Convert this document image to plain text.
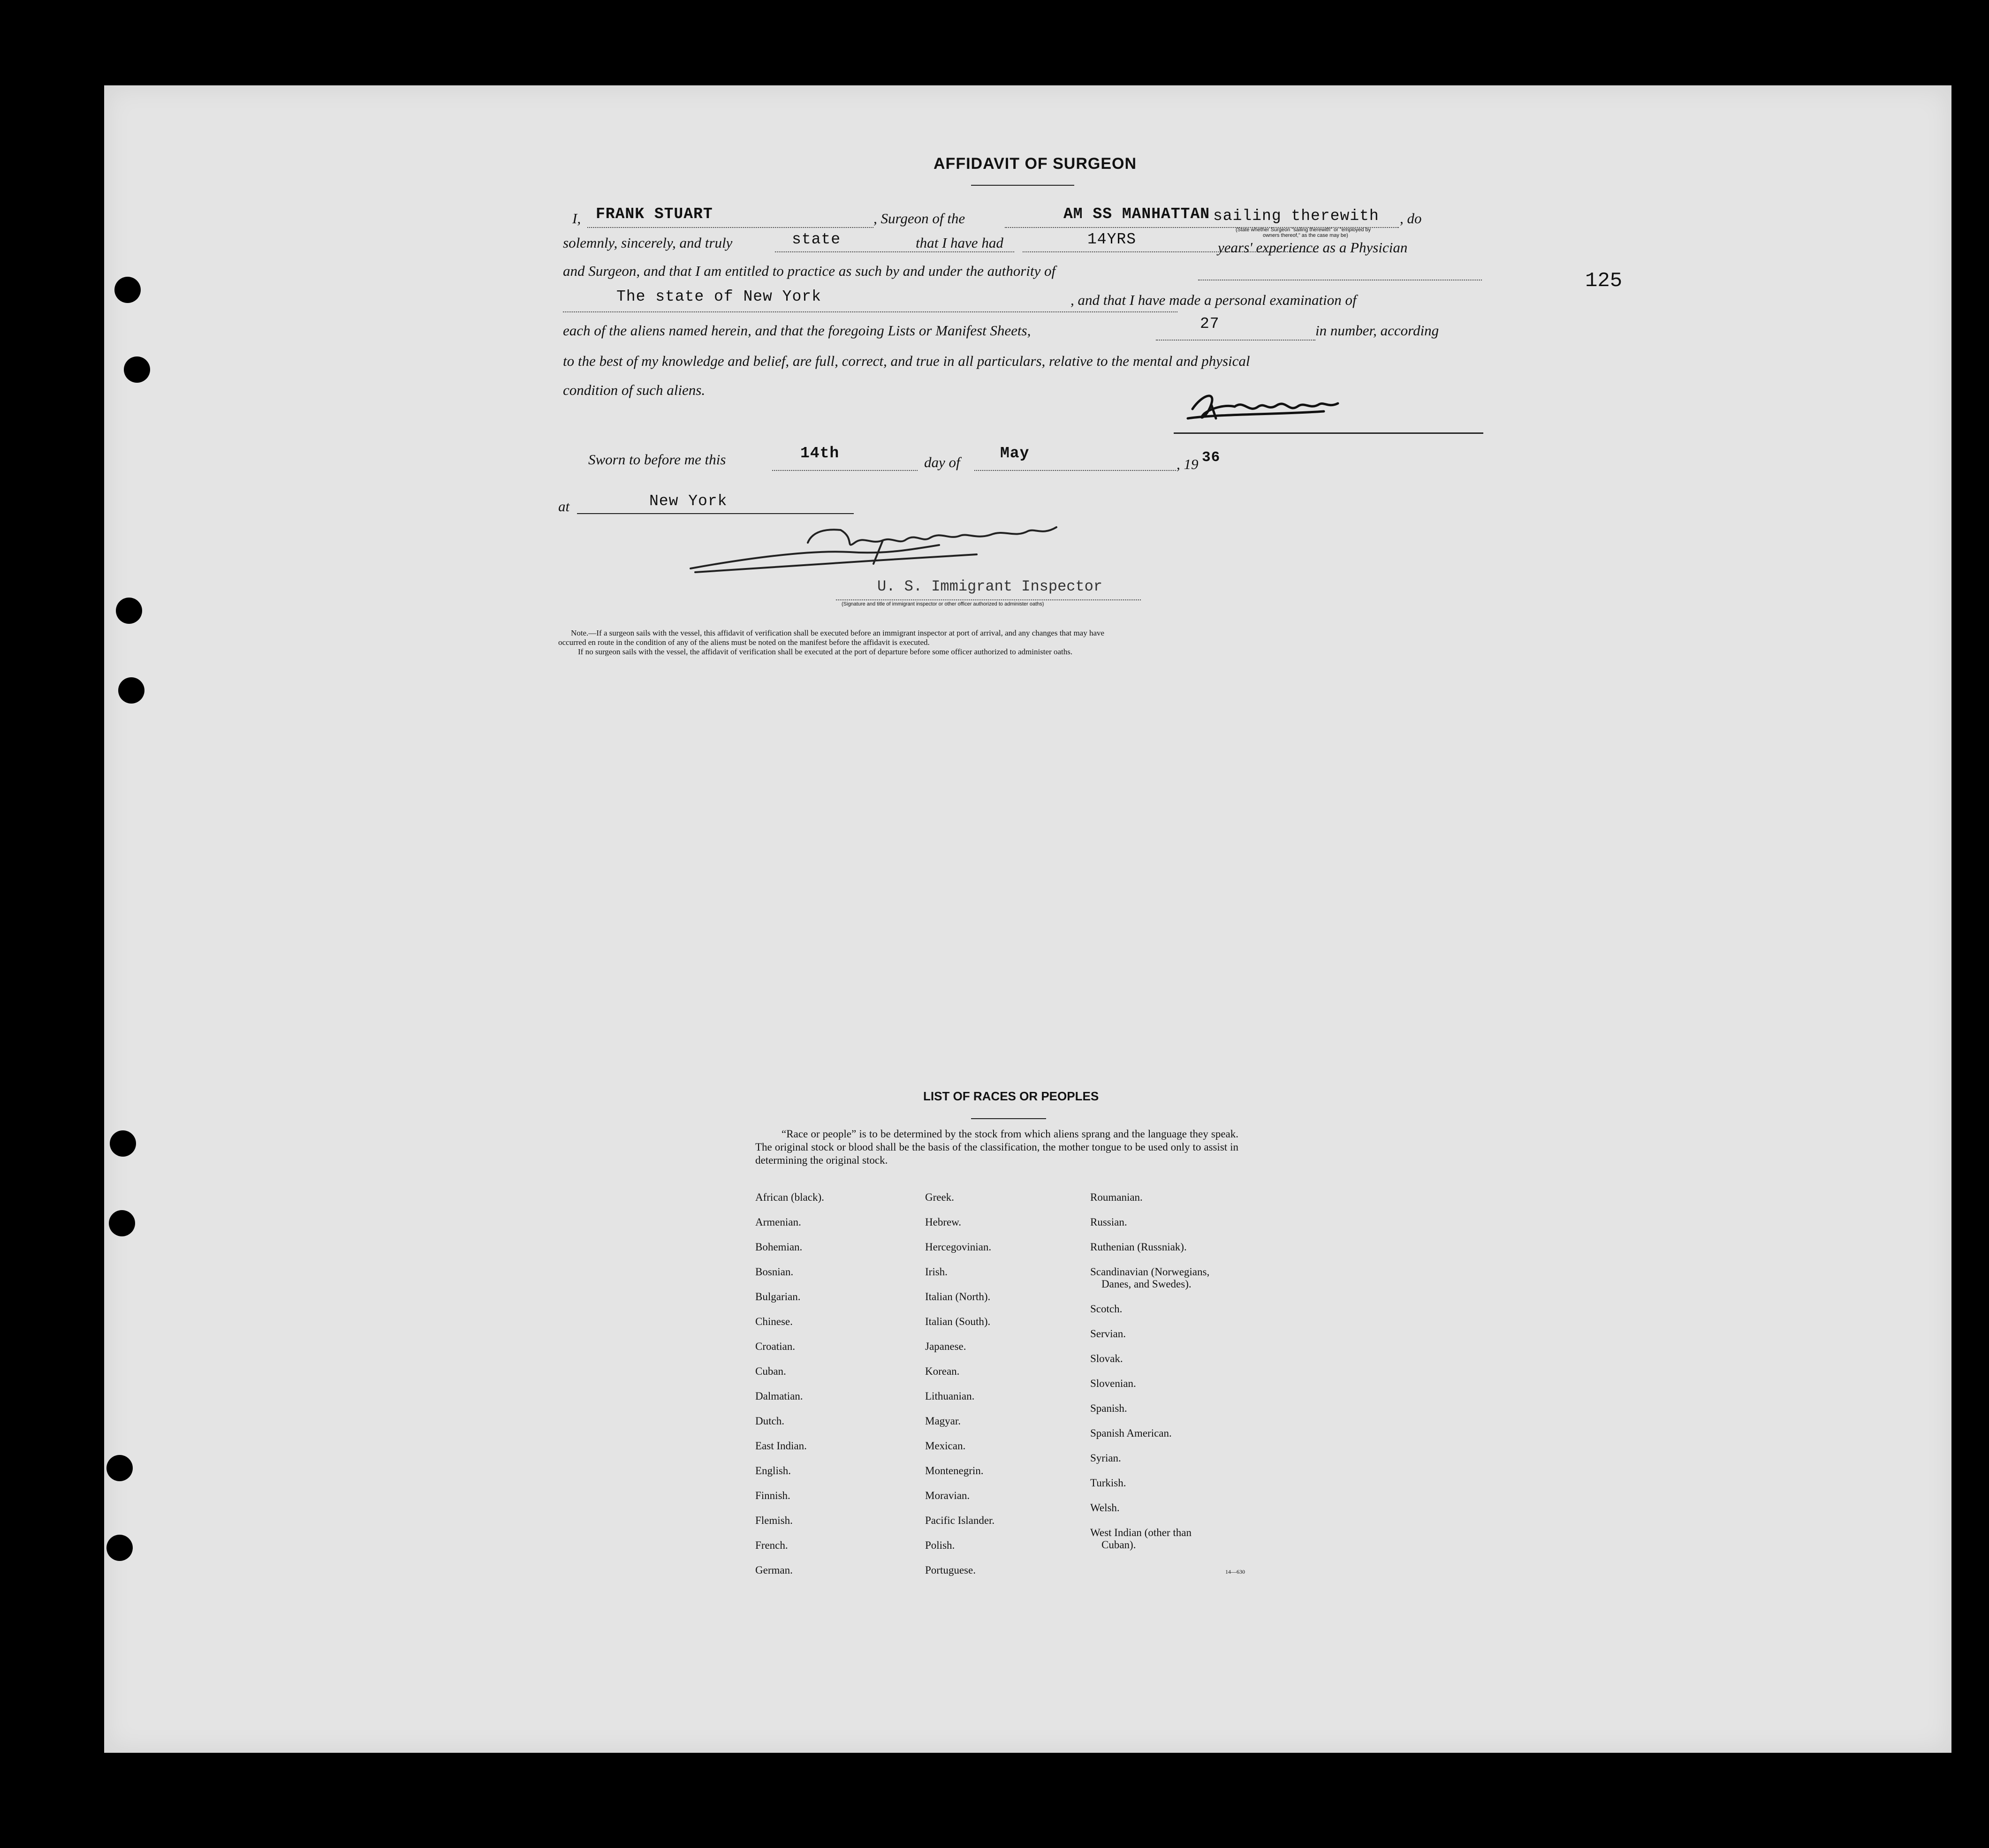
125
AFFIDAVIT OF SURGEON
I, FRANK STUART	, Surgeon of the	AM SS MANHATTAN sailing therewith , do
(State whether Surgeon "sailing therewith" or "employed by
owners thereof," as the case may be)
solemnly, sincerely, and truly	state	that I have had	14YRS	years' experience as a Physician
and Surgeon, and that I am entitled to practice as such by and under the authority of
The state of New York	, and that I have made a personal examination of
each of the aliens named herein, and that the foregoing Lists or Manifest Sheets,	27	in number, according
to the best of my knowledge and belief, are full, correct, and true in all particulars, relative to the mental and physical
condition of such aliens.
Sworn to before me this	14th
day of
May
, 19 36
at	New York
U. S. Immigrant Inspector
(Signature and title of immigrant inspector or other officer authorized to administer oaths)
Note.—If a surgeon sails with the vessel, this affidavit of verification shall be executed before an immigrant inspector at port of arrival, and any changes that may have
occurred en route in the condition of any of the aliens must be noted on the manifest before the affidavit is executed.
If no surgeon sails with the vessel, the affidavit of verification shall be executed at the port of departure before some officer authorized to administer oaths.
LIST OF RACES OR PEOPLES
“Race or people” is to be determined by the stock from which aliens sprang and the language they speak. The original stock or blood shall be the basis of the classification, the mother tongue to be used only to assist in determining the original stock.
African (black).
Armenian.
Bohemian.
Bosnian.
Bulgarian.
Chinese.
Croatian.
Cuban.
Dalmatian.
Dutch.
East Indian.
English.
Finnish.
Flemish.
French.
German.
Greek.
Hebrew.
Hercegovinian.
Irish.
Italian (North).
Italian (South).
Japanese.
Korean.
Lithuanian.
Magyar.
Mexican.
Montenegrin.
Moravian.
Pacific Islander.
Polish.
Portuguese.
Roumanian.
Russian.
Ruthenian (Russniak).
Scandinavian (Norwegians,
Danes, and Swedes).
Scotch.
Servian.
Slovak.
Slovenian.
Spanish.
Spanish American.
Syrian.
Turkish.
Welsh.
West Indian (other than
Cuban).
14—630
